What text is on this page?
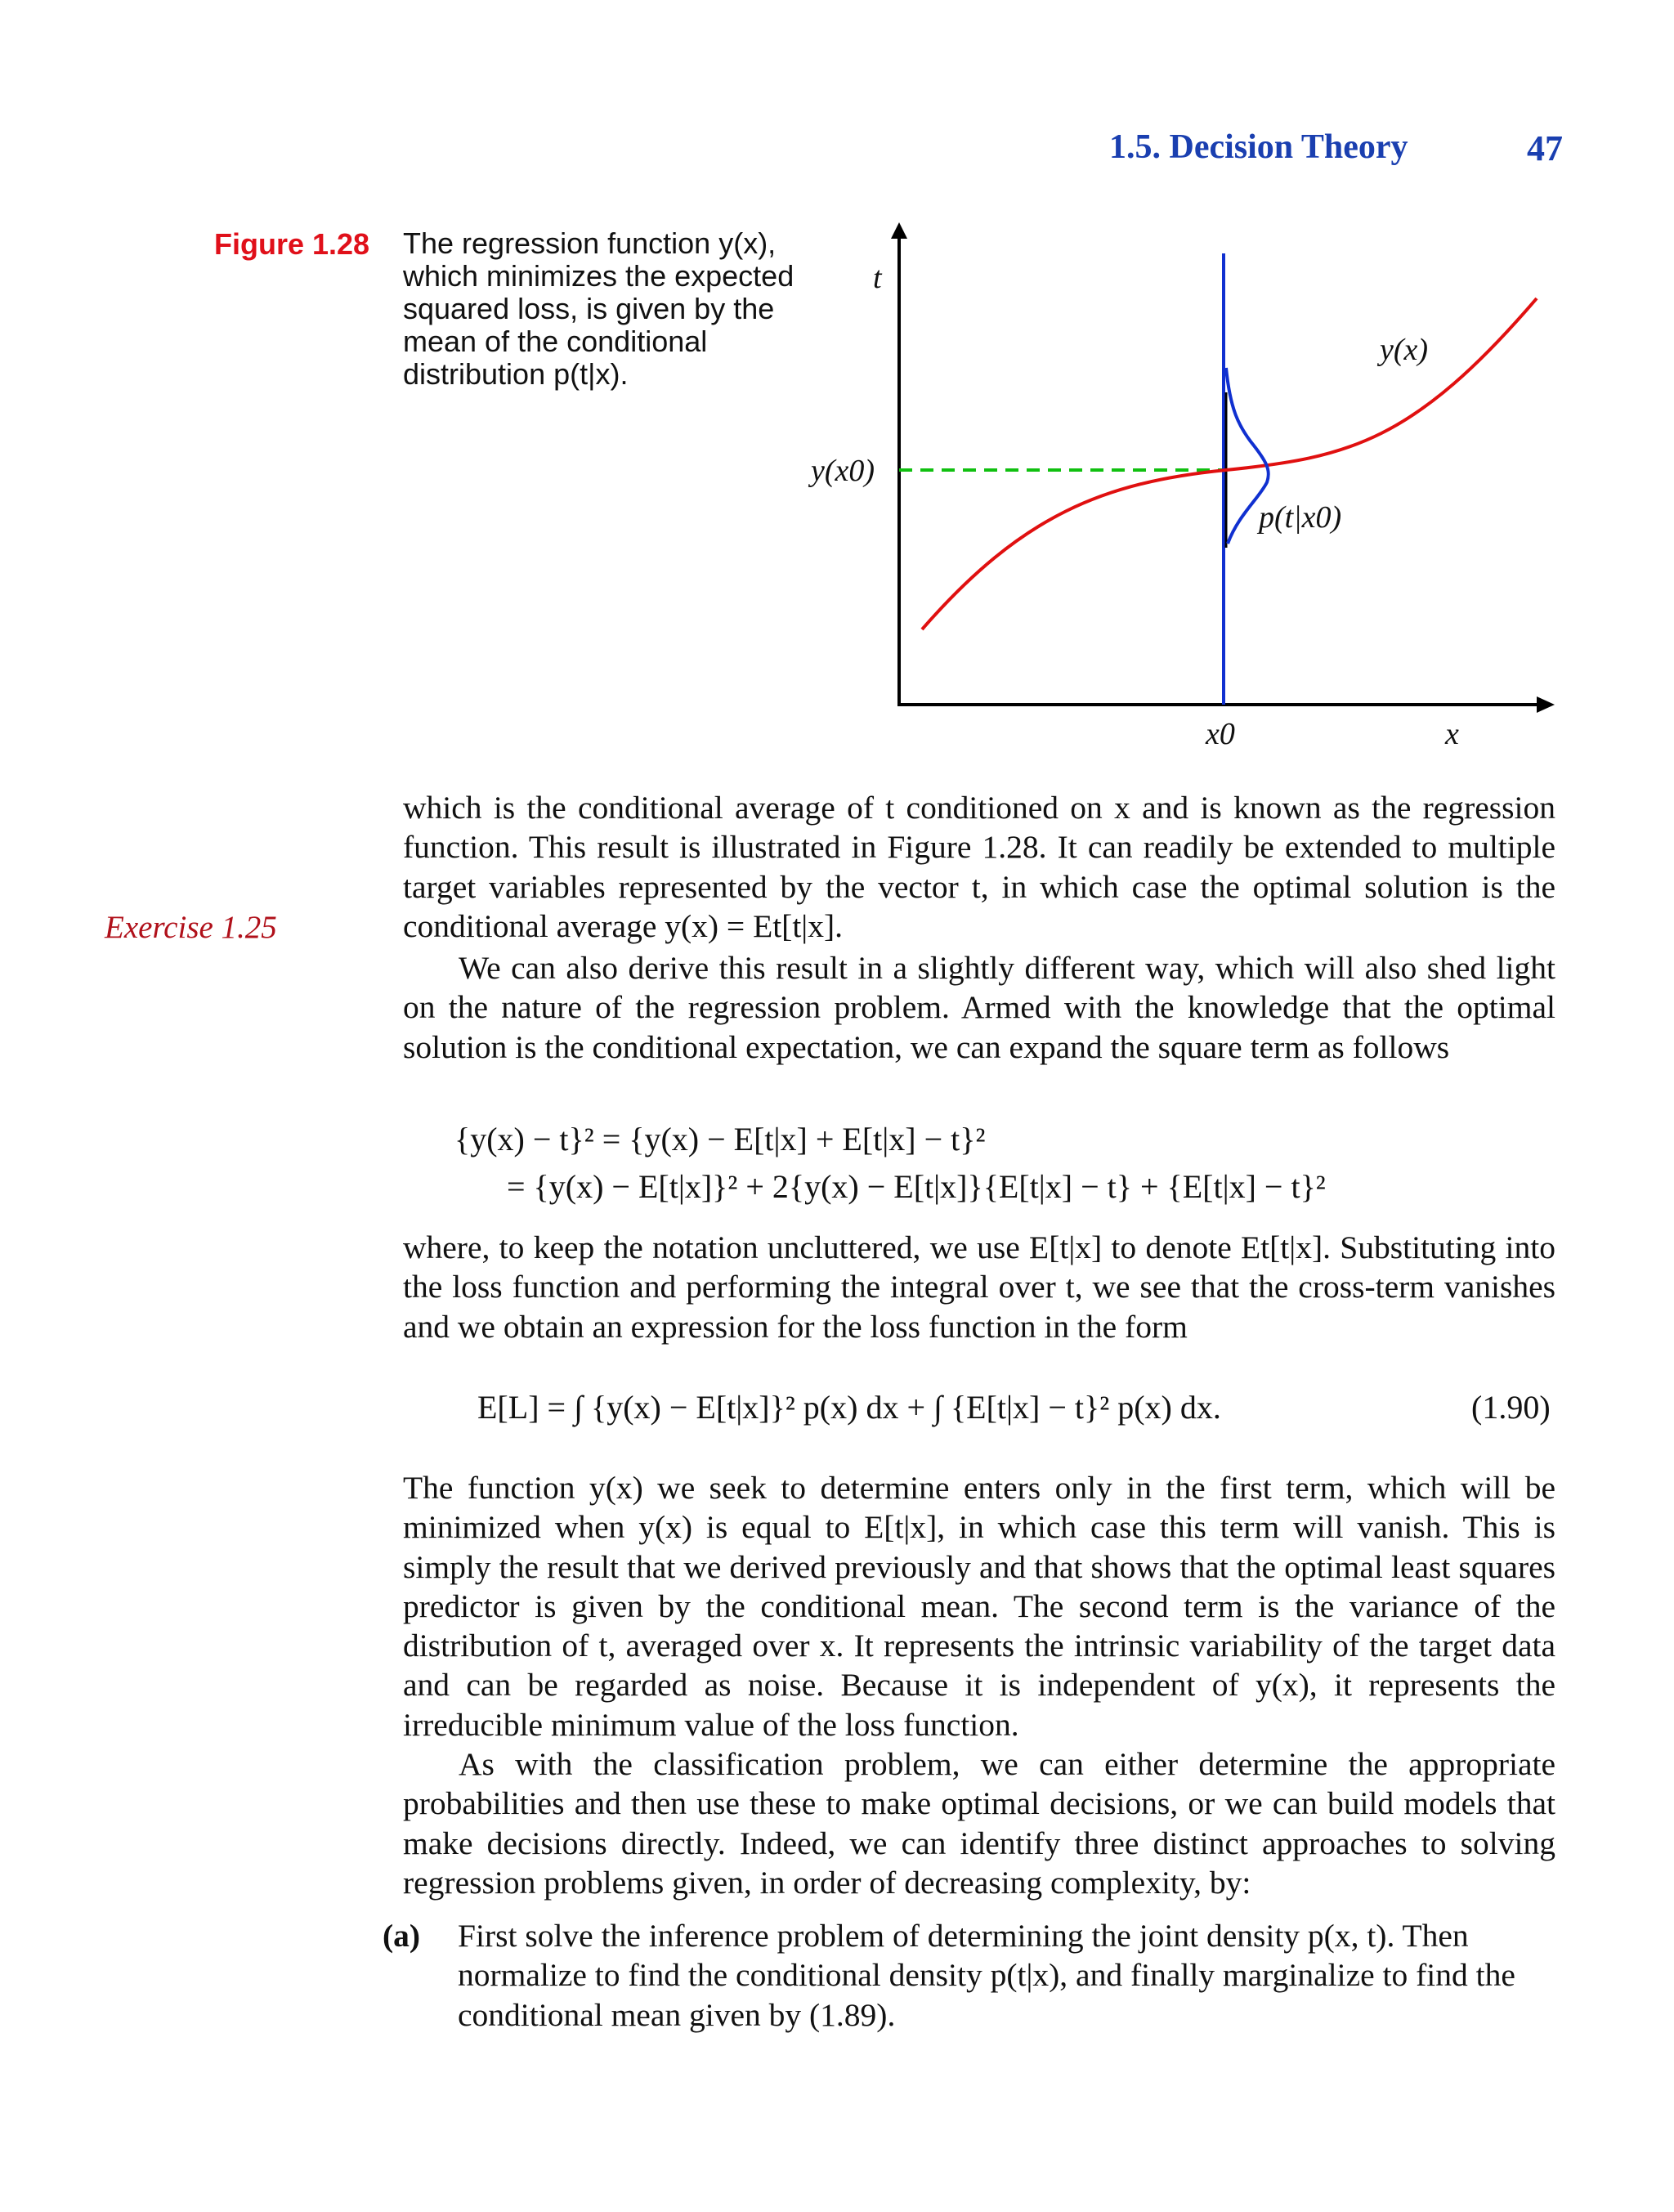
1.5. Decision Theory	47
Figure 1.28 The regression function y(x), which minimizes the expected squared loss, is given by the mean of the conditional distribution p(t|x).
t
y(x)
y(x0)
p(t|x0)
x0	x

which is the conditional average of t conditioned on x and is known as the regression function. This result is illustrated in Figure 1.28. It can readily be extended to multiple target variables represented by the vector t, in which case the optimal solution is the conditional average y(x) = Et[t|x].

Exercise 1.25

We can also derive this result in a slightly different way, which will also shed light on the nature of the regression problem. Armed with the knowledge that the optimal solution is the conditional expectation, we can expand the square term as follows

{y(x) − t}² = {y(x) − E[t|x] + E[t|x] − t}²
= {y(x) − E[t|x]}² + 2{y(x) − E[t|x]}{E[t|x] − t} + {E[t|x] − t}²

where, to keep the notation uncluttered, we use E[t|x] to denote Et[t|x]. Substituting into the loss function and performing the integral over t, we see that the cross-term vanishes and we obtain an expression for the loss function in the form

E[L] = ∫ {y(x) − E[t|x]}² p(x) dx + ∫ {E[t|x] − t}² p(x) dx.	(1.90)

The function y(x) we seek to determine enters only in the first term, which will be minimized when y(x) is equal to E[t|x], in which case this term will vanish. This is simply the result that we derived previously and that shows that the optimal least squares predictor is given by the conditional mean. The second term is the variance of the distribution of t, averaged over x. It represents the intrinsic variability of the target data and can be regarded as noise. Because it is independent of y(x), it represents the irreducible minimum value of the loss function.

As with the classification problem, we can either determine the appropriate probabilities and then use these to make optimal decisions, or we can build models that make decisions directly. Indeed, we can identify three distinct approaches to solving regression problems given, in order of decreasing complexity, by:

(a) First solve the inference problem of determining the joint density p(x, t). Then normalize to find the conditional density p(t|x), and finally marginalize to find the conditional mean given by (1.89).
